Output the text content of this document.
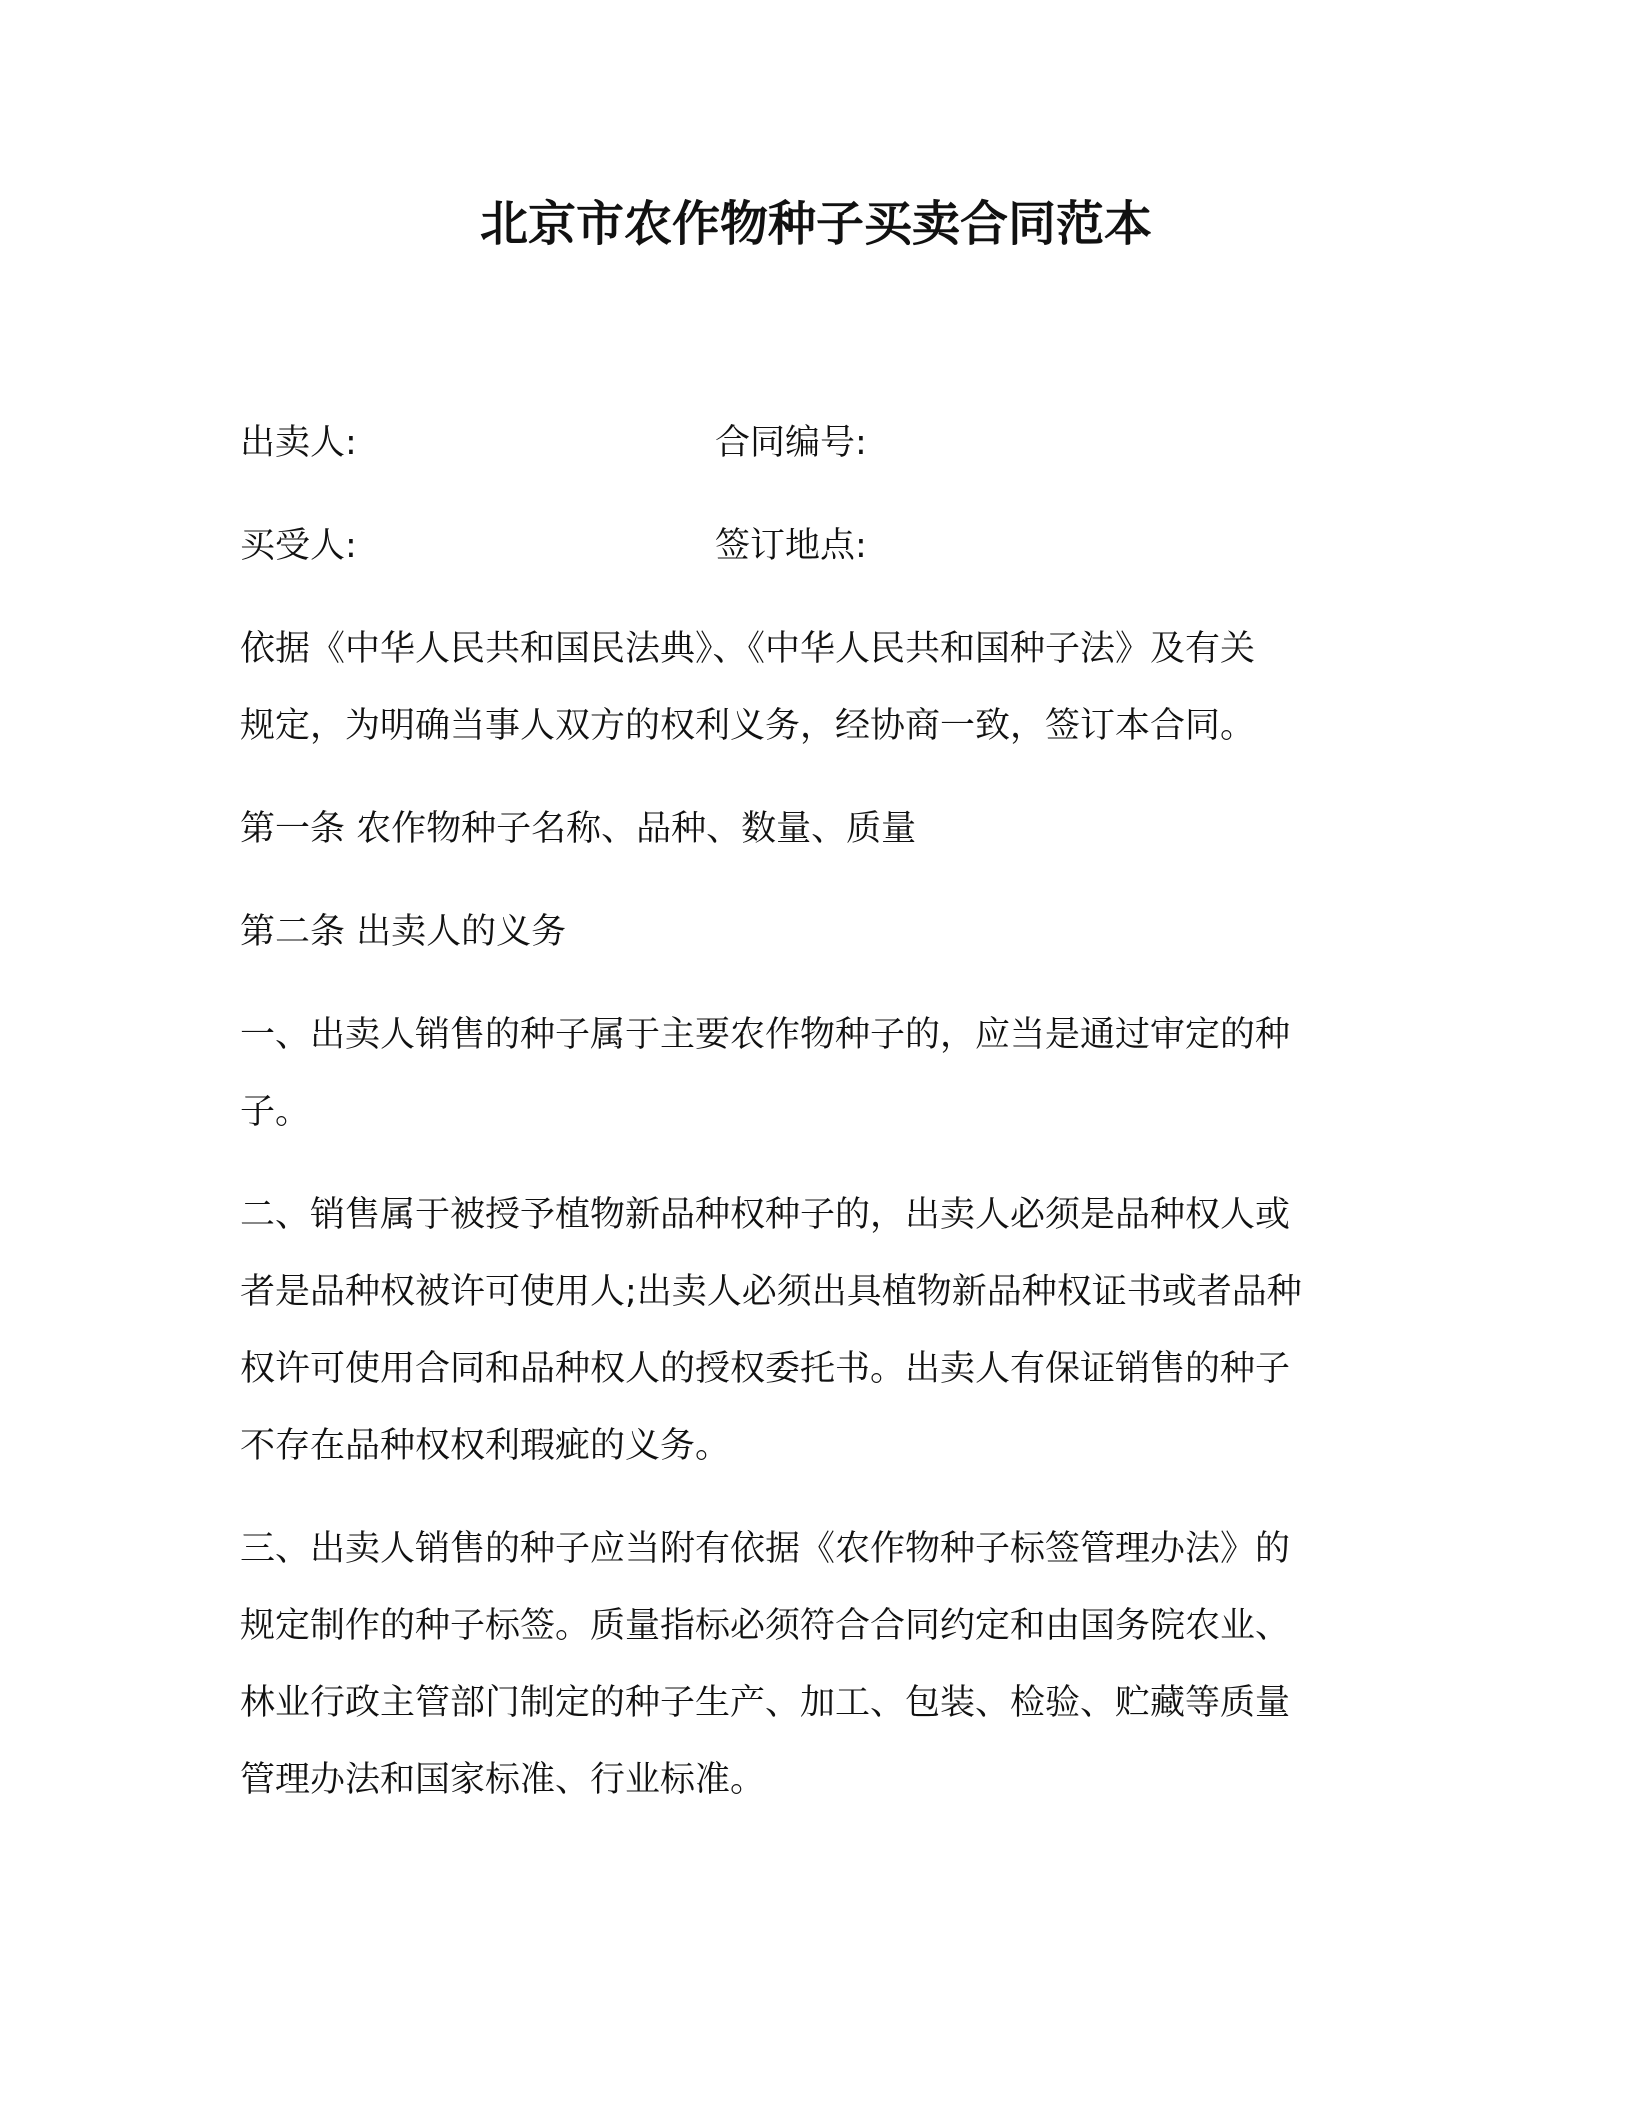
北京市农作物种子买卖合同范本
出卖人:	合同编号:
买受人:	签订地点:

依据《中华人民共和国民法典》、《中华人民共和国种子法》及有关

规定，为明确当事人双方的权利义务，经协商一致，签订本合同。

第一条 农作物种子名称、品种、数量、质量

第二条 出卖人的义务

一、出卖人销售的种子属于主要农作物种子的，应当是通过审定的种

子。

二、销售属于被授予植物新品种权种子的，出卖人必须是品种权人或

者是品种权被许可使用人;出卖人必须出具植物新品种权证书或者品种

权许可使用合同和品种权人的授权委托书。出卖人有保证销售的种子

不存在品种权权利瑕疵的义务。

三、出卖人销售的种子应当附有依据《农作物种子标签管理办法》的

规定制作的种子标签。质量指标必须符合合同约定和由国务院农业、

林业行政主管部门制定的种子生产、加工、包装、检验、贮藏等质量

管理办法和国家标准、行业标准。
